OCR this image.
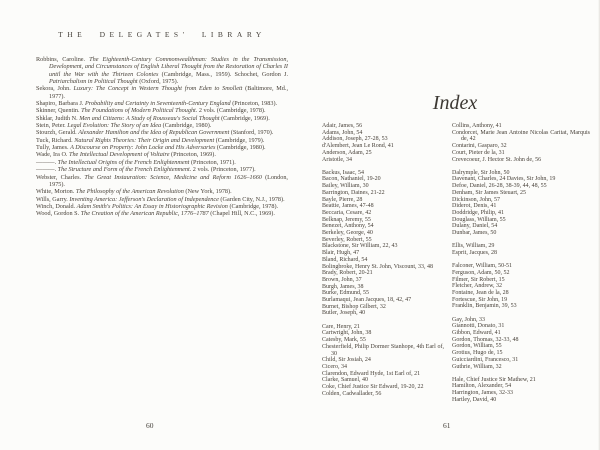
THE DELEGATES' LIBRARY

Robbins, Caroline. The Eighteenth-Century Commonwealthman: Studies in the Transmission, Development, and Circumstances of English Liberal Thought from the Restoration of Charles II until the War with the Thirteen Colonies (Cambridge, Mass., 1959). Schochet, Gordon J. Patriarchalism in Political Thought (Oxford, 1975).

Sekora, John. Luxury: The Concept in Western Thought from Eden to Smollett (Baltimore, Md., 1977).

Shapiro, Barbara J. Probability and Certainty in Seventeenth-Century England (Princeton, 1983).

Skinner, Quentin. The Foundations of Modern Political Thought. 2 vols. (Cambridge, 1978).

Shklar, Judith N. Men and Citizens: A Study of Rousseau's Social Thought (Cambridge, 1969).

Stein, Peter. Legal Evolution: The Story of an Idea (Cambridge, 1980).

Stourzh, Gerald. Alexander Hamilton and the Idea of Republican Government (Stanford, 1970).

Tuck, Richard. Natural Rights Theories: Their Origin and Development (Cambridge, 1979).

Tully, James. A Discourse on Property: John Locke and His Adversaries (Cambridge, 1980).

Wade, Ira O. The Intellectual Development of Voltaire (Princeton, 1969).

———. The Intellectual Origins of the French Enlightenment (Princeton, 1971).

———. The Structure and Form of the French Enlightenment. 2 vols. (Princeton, 1977).

Webster, Charles. The Great Instauration: Science, Medicine and Reform 1626–1660 (London, 1975).

White, Morton. The Philosophy of the American Revolution (New York, 1978).

Wills, Garry. Inventing America: Jefferson's Declaration of Independence (Garden City, N.J., 1978).

Winch, Donald. Adam Smith's Politics: An Essay in Historiographic Revision (Cambridge, 1978).

Wood, Gordon S. The Creation of the American Republic, 1776–1787 (Chapel Hill, N.C., 1969).

Index

Adair, James, 56

Adams, John, 54

Addison, Joseph, 27-28, 53

d'Alembert, Jean Le Rond, 41

Anderson, Adam, 25

Aristotle, 34

Backus, Isaac, 54

Bacon, Nathaniel, 19-20

Bailey, William, 30

Barrington, Daines, 21-22

Bayle, Pierre, 28

Beattie, James, 47-48

Beccaria, Cesare, 42

Belknap, Jeremy, 55

Benezet, Anthony, 54

Berkeley, George, 40

Beverley, Robert, 55

Blackstone, Sir William, 22, 43

Blair, Hugh, 47

Bland, Richard, 54

Bolingbroke, Henry St. John, Viscount, 33, 48

Brady, Robert, 20-21

Brown, John, 37

Burgh, James, 38

Burke, Edmund, 55

Burlamaqui, Jean Jacques, 18, 42, 47

Burnet, Bishop Gilbert, 32

Butler, Joseph, 40

Care, Henry, 21

Cartwright, John, 38

Catesby, Mark, 55

Chesterfield, Philip Dormer Stanhope, 4th Earl of, 30

Child, Sir Josiah, 24

Cicero, 34

Clarendon, Edward Hyde, 1st Earl of, 21

Clarke, Samuel, 40

Coke, Chief Justice Sir Edward, 19-20, 22

Colden, Cadwallader, 56

Collins, Anthony, 41

Condorcet, Marie Jean Antoine Nicolas Caritat, Marquis de, 42

Contarini, Gasparo, 32

Court, Pieter de la, 31

Crevecoeur, J. Hector St. John de, 56

Dalrymple, Sir John, 50

Davenant, Charles, 24 Davies, Sir John, 19

Defoe, Daniel, 26-28, 38-39, 44, 48, 55

Denham, Sir James Steuart, 25

Dickinson, John, 57

Diderot, Denis, 41

Doddridge, Philip, 41

Douglass, William, 55

Dulany, Daniel, 54

Dunbar, James, 50

Ellis, William, 29

Esprit, Jacques, 28

Falconer, William, 50-51

Ferguson, Adam, 50, 52

Filmer, Sir Robert, 15

Fletcher, Andrew, 32

Fontaine, Jean de la, 28

Fortescue, Sir John, 19

Franklin, Benjamin, 39, 53

Gay, John, 33

Giannotti, Donato, 31

Gibbon, Edward, 41

Gordon, Thomas, 32-33, 48

Gordon, William, 55

Grotius, Hugo de, 15

Guicciardini, Francesco, 31

Guthrie, William, 32

Hale, Chief Justice Sir Mathew, 21

Hamilton, Alexander, 54

Harrington, James, 32-33

Hartley, David, 40

60	61
